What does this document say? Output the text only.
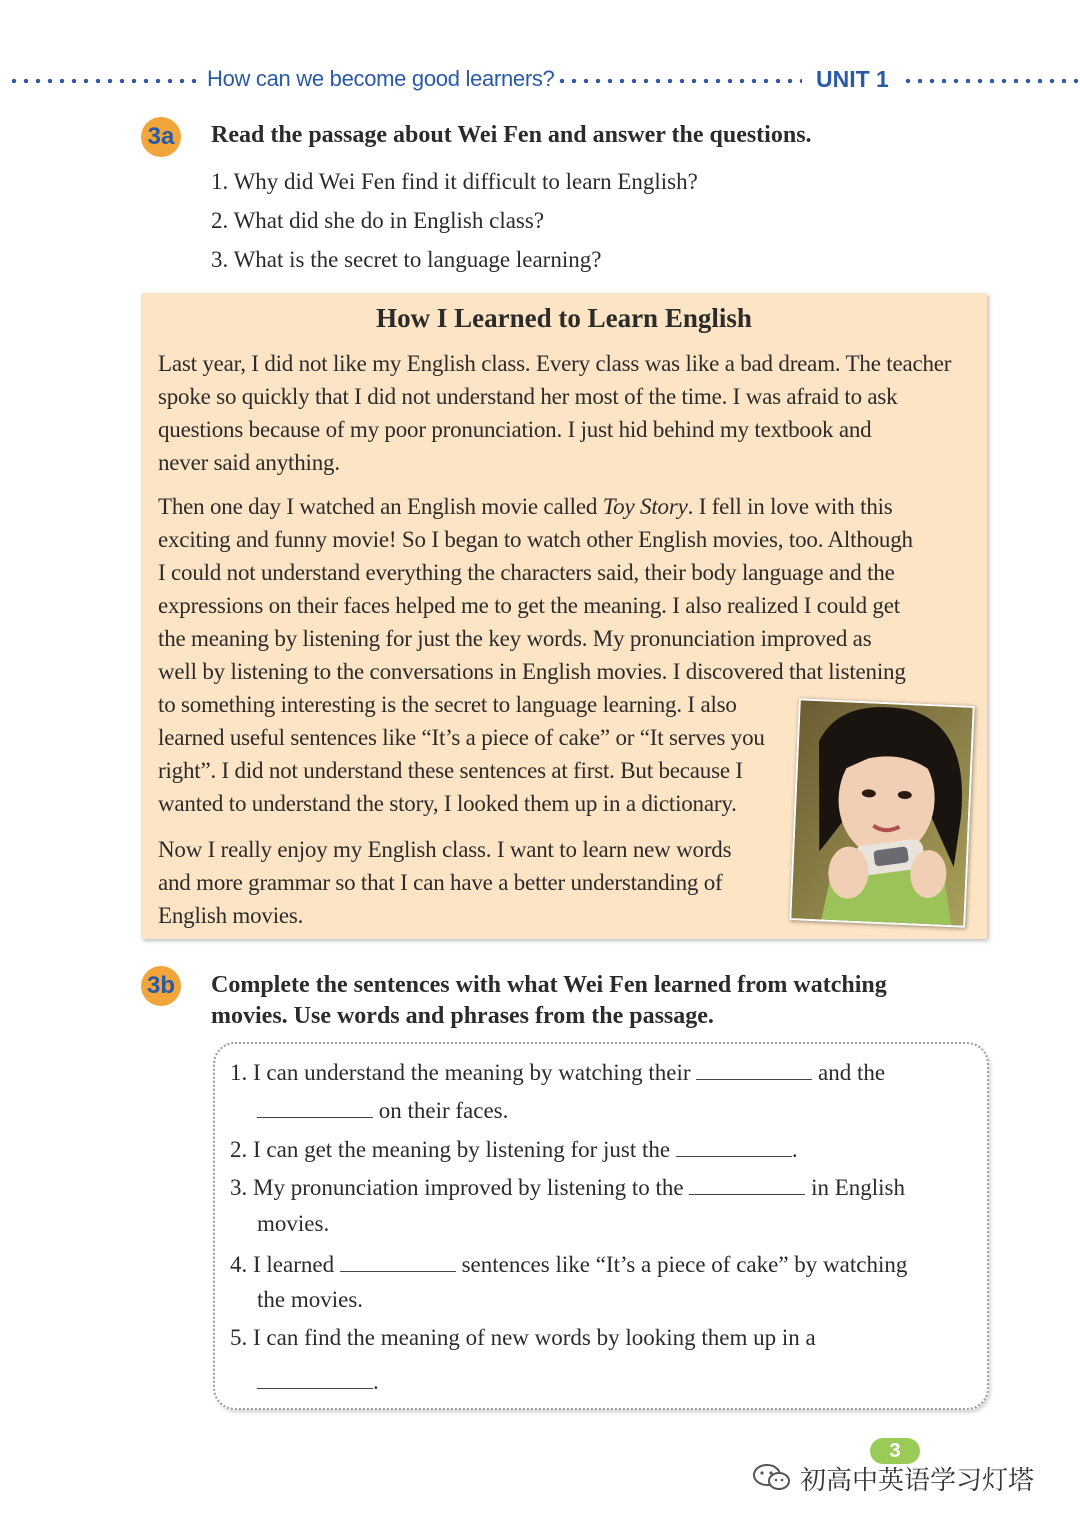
How can we become good learners?	UNIT 1
3a Read the passage about Wei Fen and answer the questions.
1. Why did Wei Fen find it difficult to learn English?
2. What did she do in English class?
3. What is the secret to language learning?
How I Learned to Learn English
Last year, I did not like my English class. Every class was like a bad dream. The teacher
spoke so quickly that I did not understand her most of the time. I was afraid to ask
questions because of my poor pronunciation. I just hid behind my textbook and
never said anything.
Then one day I watched an English movie called Toy Story. I fell in love with this
exciting and funny movie! So I began to watch other English movies, too. Although
I could not understand everything the characters said, their body language and the
expressions on their faces helped me to get the meaning. I also realized I could get
the meaning by listening for just the key words. My pronunciation improved as
well by listening to the conversations in English movies. I discovered that listening
to something interesting is the secret to language learning. I also
learned useful sentences like “It’s a piece of cake” or “It serves you
right”. I did not understand these sentences at first. But because I
wanted to understand the story, I looked them up in a dictionary.
Now I really enjoy my English class. I want to learn new words
and more grammar so that I can have a better understanding of
English movies.
3b Complete the sentences with what Wei Fen learned from watching
movies. Use words and phrases from the passage.
1. I can understand the meaning by watching their	and the
on their faces.
2. I can get the meaning by listening for just the	.
3. My pronunciation improved by listening to the	in English
movies.
4. I learned	sentences like “It’s a piece of cake” by watching
the movies.
5. I can find the meaning of new words by looking them up in a
.
3
初高中英语学习灯塔
